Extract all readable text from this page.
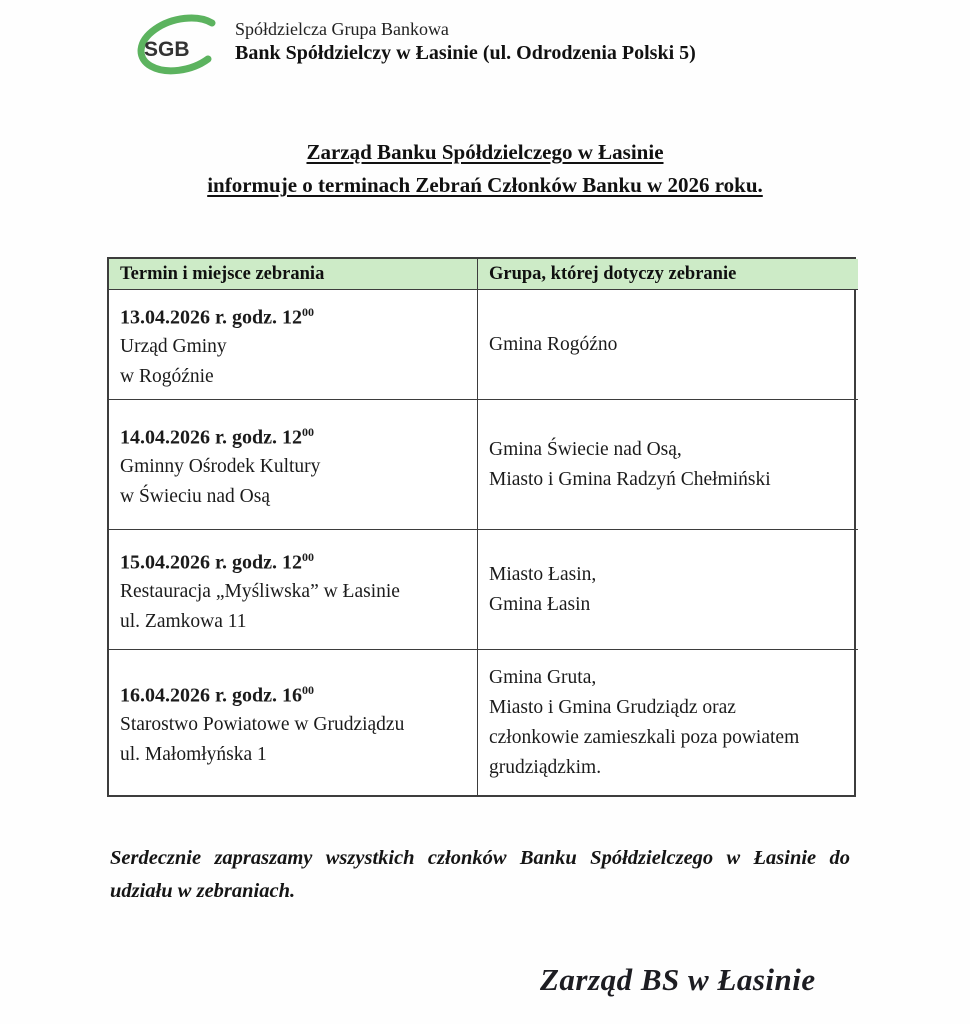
SGB
Spółdzielcza Grupa Bankowa
Bank Spółdzielczy w Łasinie (ul. Odrodzenia Polski 5)
Zarząd Banku Spółdzielczego w Łasinie
informuje o terminach Zebrań Członków Banku w 2026 roku.
Termin i miejsce zebrania	Grupa, której dotyczy zebranie

13.04.2026 r. godz. $12^{00}$

Urząd Gminy

w Rogóźnie

Gmina Rogóźno

14.04.2026 r. godz. $12^{00}$

Gminny Ośrodek Kultury

w Świeciu nad Osą

Gmina Świecie nad Osą,

Miasto i Gmina Radzyń Chełmiński

15.04.2026 r. godz. $12^{00}$

Restauracja „Myśliwska” w Łasinie

ul. Zamkowa 11

Miasto Łasin,

Gmina Łasin

16.04.2026 r. godz. $16^{00}$

Starostwo Powiatowe w Grudziądzu

ul. Małomłyńska 1

Gmina Gruta,

Miasto i Gmina Grudziądz oraz

członkowie zamieszkali poza powiatem

grudziądzkim.

Serdecznie zapraszamy wszystkich członków Banku Spółdzielczego w Łasinie do udziału w zebraniach.

Zarząd BS w Łasinie
